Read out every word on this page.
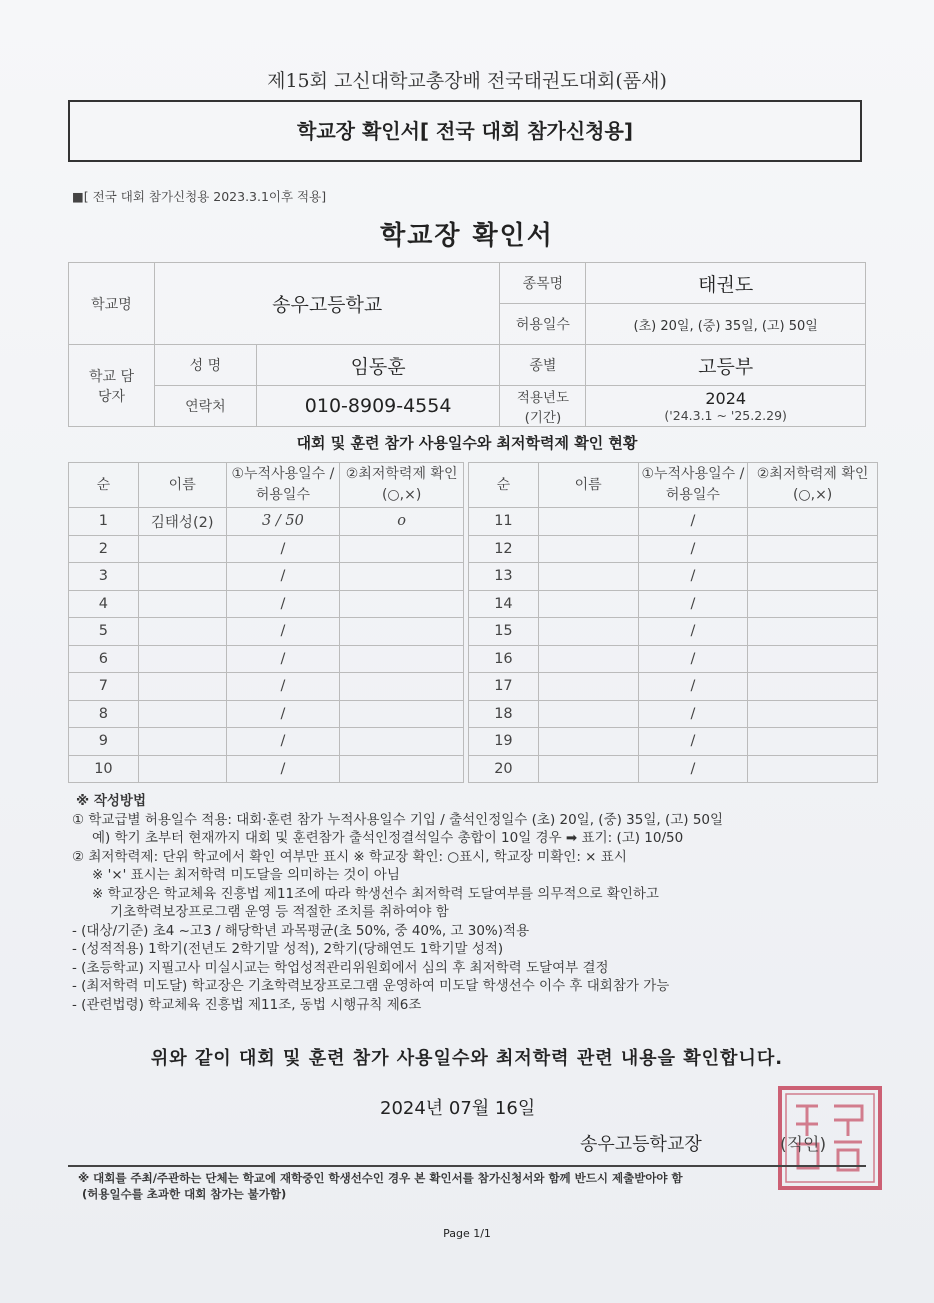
제15회 고신대학교총장배 전국태권도대회(품새)
학교장 확인서[ 전국 대회 참가신청용]
■[ 전국 대회 참가신청용 2023.3.1이후 적용]
학교장 확인서
학교명	송우고등학교		종목명	태권도
			허용일수	(초) 20일, (중) 35일, (고) 50일
학교 담당자	성 명	임동훈	종별	고등부
	연락처	010-8909-4554	적용년도 (기간)	2024
('24.3.1 ~ '25.2.29)
대회 및 훈련 참가 사용일수와 최저학력제 확인 현황
순	이름	①누적사용일수 /허용일수	②최저학력제 확인(○,×)
1	김태성(2)	3 / 50	o
2		/	
3		/	
4		/	
5		/	
6		/	
7		/	
8		/	
9		/	
10		/	
순	이름	①누적사용일수 /허용일수	②최저학력제 확인(○,×)
11		/	
12		/	
13		/	
14		/	
15		/	
16		/	
17		/	
18		/	
19		/	
20		/	
※ 작성방법
① 학교급별 허용일수 적용: 대회·훈련 참가 누적사용일수 기입 / 출석인정일수 (초) 20일, (중) 35일, (고) 50일
예) 학기 초부터 현재까지 대회 및 훈련참가 출석인정결석일수 총합이 10일 경우 ➡ 표기: (고) 10/50
② 최저학력제: 단위 학교에서 확인 여부만 표시 ※ 학교장 확인: ○표시, 학교장 미확인: × 표시
※ '×' 표시는 최저학력 미도달을 의미하는 것이 아님
※ 학교장은 학교체육 진흥법 제11조에 따라 학생선수 최저학력 도달여부를 의무적으로 확인하고
기초학력보장프로그램 운영 등 적절한 조치를 취하여야 함
- (대상/기준) 초4 ~고3 / 해당학년 과목평균(초 50%, 중 40%, 고 30%)적용
- (성적적용) 1학기(전년도 2학기말 성적), 2학기(당해연도 1학기말 성적)
- (초등학교) 지필고사 미실시교는 학업성적관리위원회에서 심의 후 최저학력 도달여부 결정
- (최저학력 미도달) 학교장은 기초학력보장프로그램 운영하여 미도달 학생선수 이수 후 대회참가 가능
- (관련법령) 학교체육 진흥법 제11조, 동법 시행규칙 제6조
위와 같이 대회 및 훈련 참가 사용일수와 최저학력 관련 내용을 확인합니다.
2024년 07월 16일
송우고등학교장	(직인)
※ 대회를 주최/주관하는 단체는 학교에 재학중인 학생선수인 경우 본 확인서를 참가신청서와 함께 반드시 제출받아야 함
(허용일수를 초과한 대회 참가는 불가함)
Page 1/1
